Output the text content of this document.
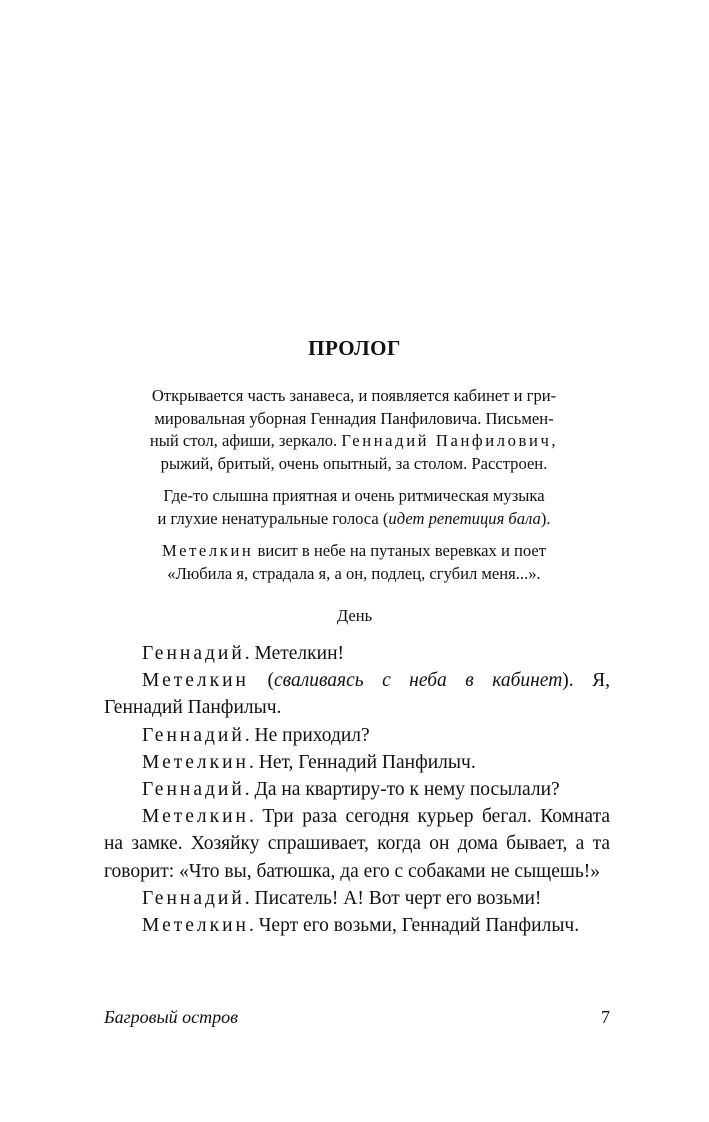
ПРОЛОГ
Открывается часть занавеса, и появляется кабинет и гри-
мировальная уборная Геннадия Панфиловича. Письмен-
ный стол, афиши, зеркало. Геннадий Панфилович,
рыжий, бритый, очень опытный, за столом. Расстроен.
Где-то слышна приятная и очень ритмическая музыка
и глухие ненатуральные голоса (идет репетиция бала).
Метелкин висит в небе на путаных веревках и поет
«Любила я, страдала я, а он, подлец, сгубил меня...».
День

Геннадий. Метелкин!

Метелкин (сваливаясь с неба в кабинет). Я, Геннадий Панфилыч.

Геннадий. Не приходил?

Метелкин. Нет, Геннадий Панфилыч.

Геннадий. Да на квартиру-то к нему посылали?

Метелкин. Три раза сегодня курьер бегал. Комната на замке. Хозяйку спрашивает, когда он дома бывает, а та говорит: «Что вы, батюшка, да его с собаками не сыщешь!»

Геннадий. Писатель! А! Вот черт его возьми!

Метелкин. Черт его возьми, Геннадий Панфилыч.

Багровый остров	7
